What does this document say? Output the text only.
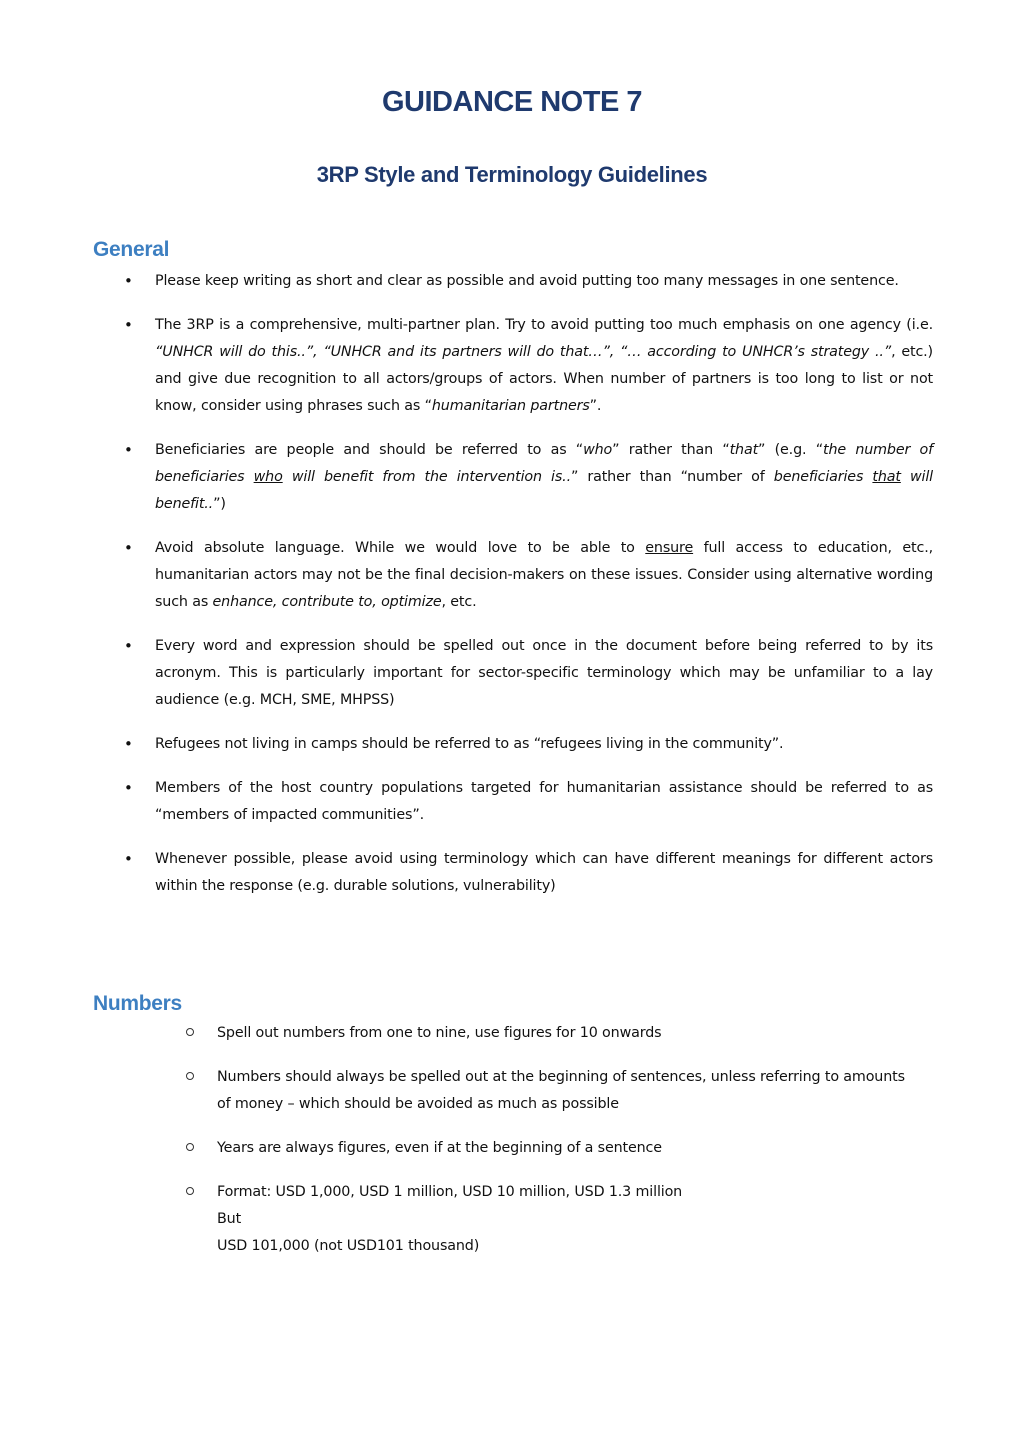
GUIDANCE NOTE 7
3RP Style and Terminology Guidelines
General
• Please keep writing as short and clear as possible and avoid putting too many messages in one sentence.
• The 3RP is a comprehensive, multi-partner plan. Try to avoid putting too much emphasis on one agency (i.e. “UNHCR will do this..”, “UNHCR and its partners will do that…”, “… according to UNHCR’s strategy ..”, etc.) and give due recognition to all actors/groups of actors. When number of partners is too long to list or not know, consider using phrases such as “humanitarian partners”.
• Beneficiaries are people and should be referred to as “who” rather than “that” (e.g. “the number of beneficiaries who will benefit from the intervention is..” rather than “number of beneficiaries that will benefit..”)
• Avoid absolute language. While we would love to be able to ensure full access to education, etc., humanitarian actors may not be the final decision-makers on these issues. Consider using alternative wording such as enhance, contribute to, optimize, etc.
• Every word and expression should be spelled out once in the document before being referred to by its acronym. This is particularly important for sector-specific terminology which may be unfamiliar to a lay audience (e.g. MCH, SME, MHPSS)
• Refugees not living in camps should be referred to as “refugees living in the community”.
• Members of the host country populations targeted for humanitarian assistance should be referred to as “members of impacted communities”.
• Whenever possible, please avoid using terminology which can have different meanings for different actors within the response (e.g. durable solutions, vulnerability)
Numbers
Spell out numbers from one to nine, use figures for 10 onwards
Numbers should always be spelled out at the beginning of sentences, unless referring to amounts of money – which should be avoided as much as possible
Years are always figures, even if at the beginning of a sentence
Format: USD 1,000, USD 1 million, USD 10 million, USD 1.3 million
But
USD 101,000 (not USD101 thousand)
